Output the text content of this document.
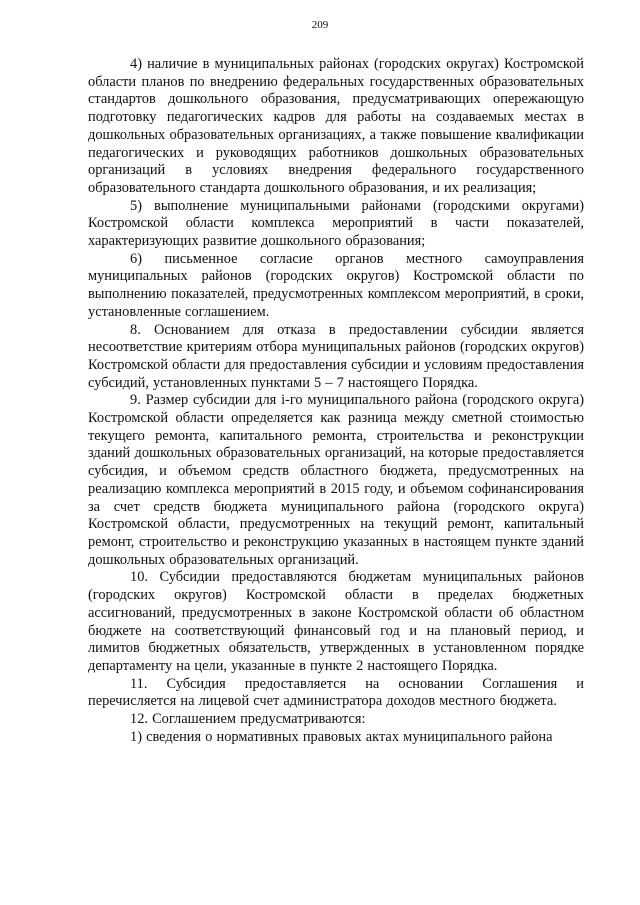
209

4) наличие в муниципальных районах (городских округах) Костромской области планов по внедрению федеральных государственных образовательных стандартов дошкольного образования, предусматривающих опережающую подготовку педагогических кадров для работы на создаваемых местах в дошкольных образовательных организациях, а также повышение квалификации педагогических и руководящих работников дошкольных образовательных организаций в условиях внедрения федерального государственного образовательного стандарта дошкольного образования, и их реализация;

5) выполнение муниципальными районами (городскими округами) Костромской области комплекса мероприятий в части показателей, характеризующих развитие дошкольного образования;

6) письменное согласие органов местного самоуправления муниципальных районов (городских округов) Костромской области по выполнению показателей, предусмотренных комплексом мероприятий, в сроки, установленные соглашением.

8. Основанием для отказа в предоставлении субсидии является несоответствие критериям отбора муниципальных районов (городских округов) Костромской области для предоставления субсидии и условиям предоставления субсидий, установленных пунктами 5 – 7 настоящего Порядка.

9. Размер субсидии для i-го муниципального района (городского округа) Костромской области определяется как разница между сметной стоимостью текущего ремонта, капитального ремонта, строительства и реконструкции зданий дошкольных образовательных организаций, на которые предоставляется субсидия, и объемом средств областного бюджета, предусмотренных на реализацию комплекса мероприятий в 2015 году, и объемом софинансирования за счет средств бюджета муниципального района (городского округа) Костромской области, предусмотренных на текущий ремонт, капитальный ремонт, строительство и реконструкцию указанных в настоящем пункте зданий дошкольных образовательных организаций.

10. Субсидии предоставляются бюджетам муниципальных районов (городских округов) Костромской области в пределах бюджетных ассигнований, предусмотренных в законе Костромской области об областном бюджете на соответствующий финансовый год и на плановый период, и лимитов бюджетных обязательств, утвержденных в установленном порядке департаменту на цели, указанные в пункте 2 настоящего Порядка.

11. Субсидия предоставляется на основании Соглашения и перечисляется на лицевой счет администратора доходов местного бюджета.

12. Соглашением предусматриваются:

1) сведения о нормативных правовых актах муниципального района
